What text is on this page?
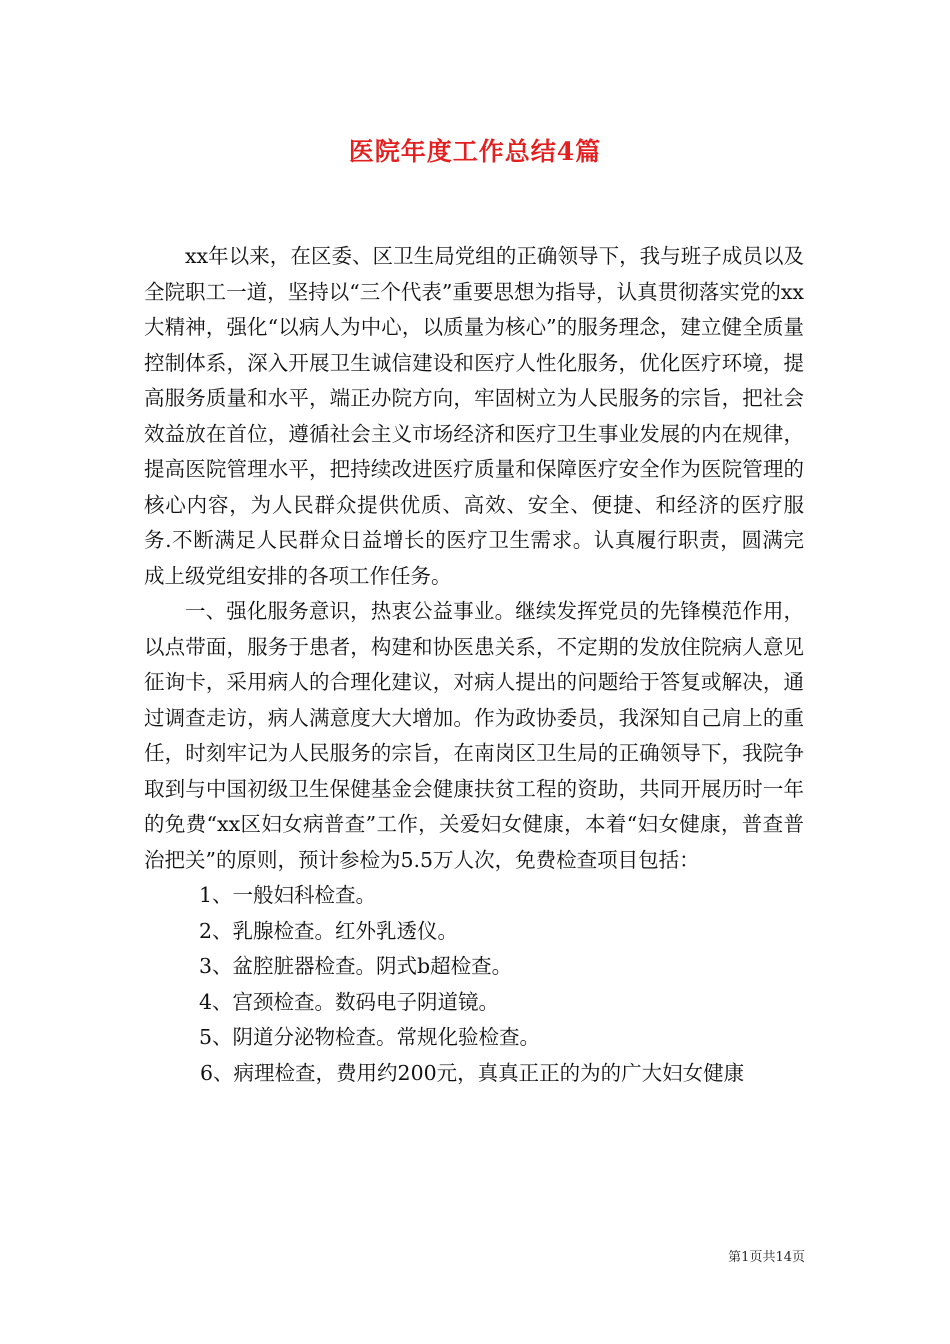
医院年度工作总结4篇

xx年以来，在区委、区卫生局党组的正确领导下，我与班子成员以及全院职工一道，坚持以“三个代表”重要思想为指导，认真贯彻落实党的xx大精神，强化“以病人为中心，以质量为核心”的服务理念，建立健全质量控制体系，深入开展卫生诚信建设和医疗人性化服务，优化医疗环境，提高服务质量和水平，端正办院方向，牢固树立为人民服务的宗旨，把社会效益放在首位，遵循社会主义市场经济和医疗卫生事业发展的内在规律，提高医院管理水平，把持续改进医疗质量和保障医疗安全作为医院管理的核心内容，为人民群众提供优质、高效、安全、便捷、和经济的医疗服务.不断满足人民群众日益增长的医疗卫生需求。认真履行职责，圆满完成上级党组安排的各项工作任务。

一、强化服务意识，热衷公益事业。继续发挥党员的先锋模范作用，以点带面，服务于患者，构建和协医患关系，不定期的发放住院病人意见征询卡，采用病人的合理化建议，对病人提出的问题给于答复或解决，通过调查走访，病人满意度大大增加。作为政协委员，我深知自己肩上的重任，时刻牢记为人民服务的宗旨，在南岗区卫生局的正确领导下，我院争取到与中国初级卫生保健基金会健康扶贫工程的资助，共同开展历时一年的免费“xx区妇女病普查”工作，关爱妇女健康，本着“妇女健康，普查普治把关”的原则，预计参检为5.5万人次，免费检查项目包括：

1、一般妇科检查。

2、乳腺检查。红外乳透仪。

3、盆腔脏器检查。阴式b超检查。

4、宫颈检查。数码电子阴道镜。

5、阴道分泌物检查。常规化验检查。

6、病理检查，费用约200元，真真正正的为的广大妇女健康

第1页共14页
